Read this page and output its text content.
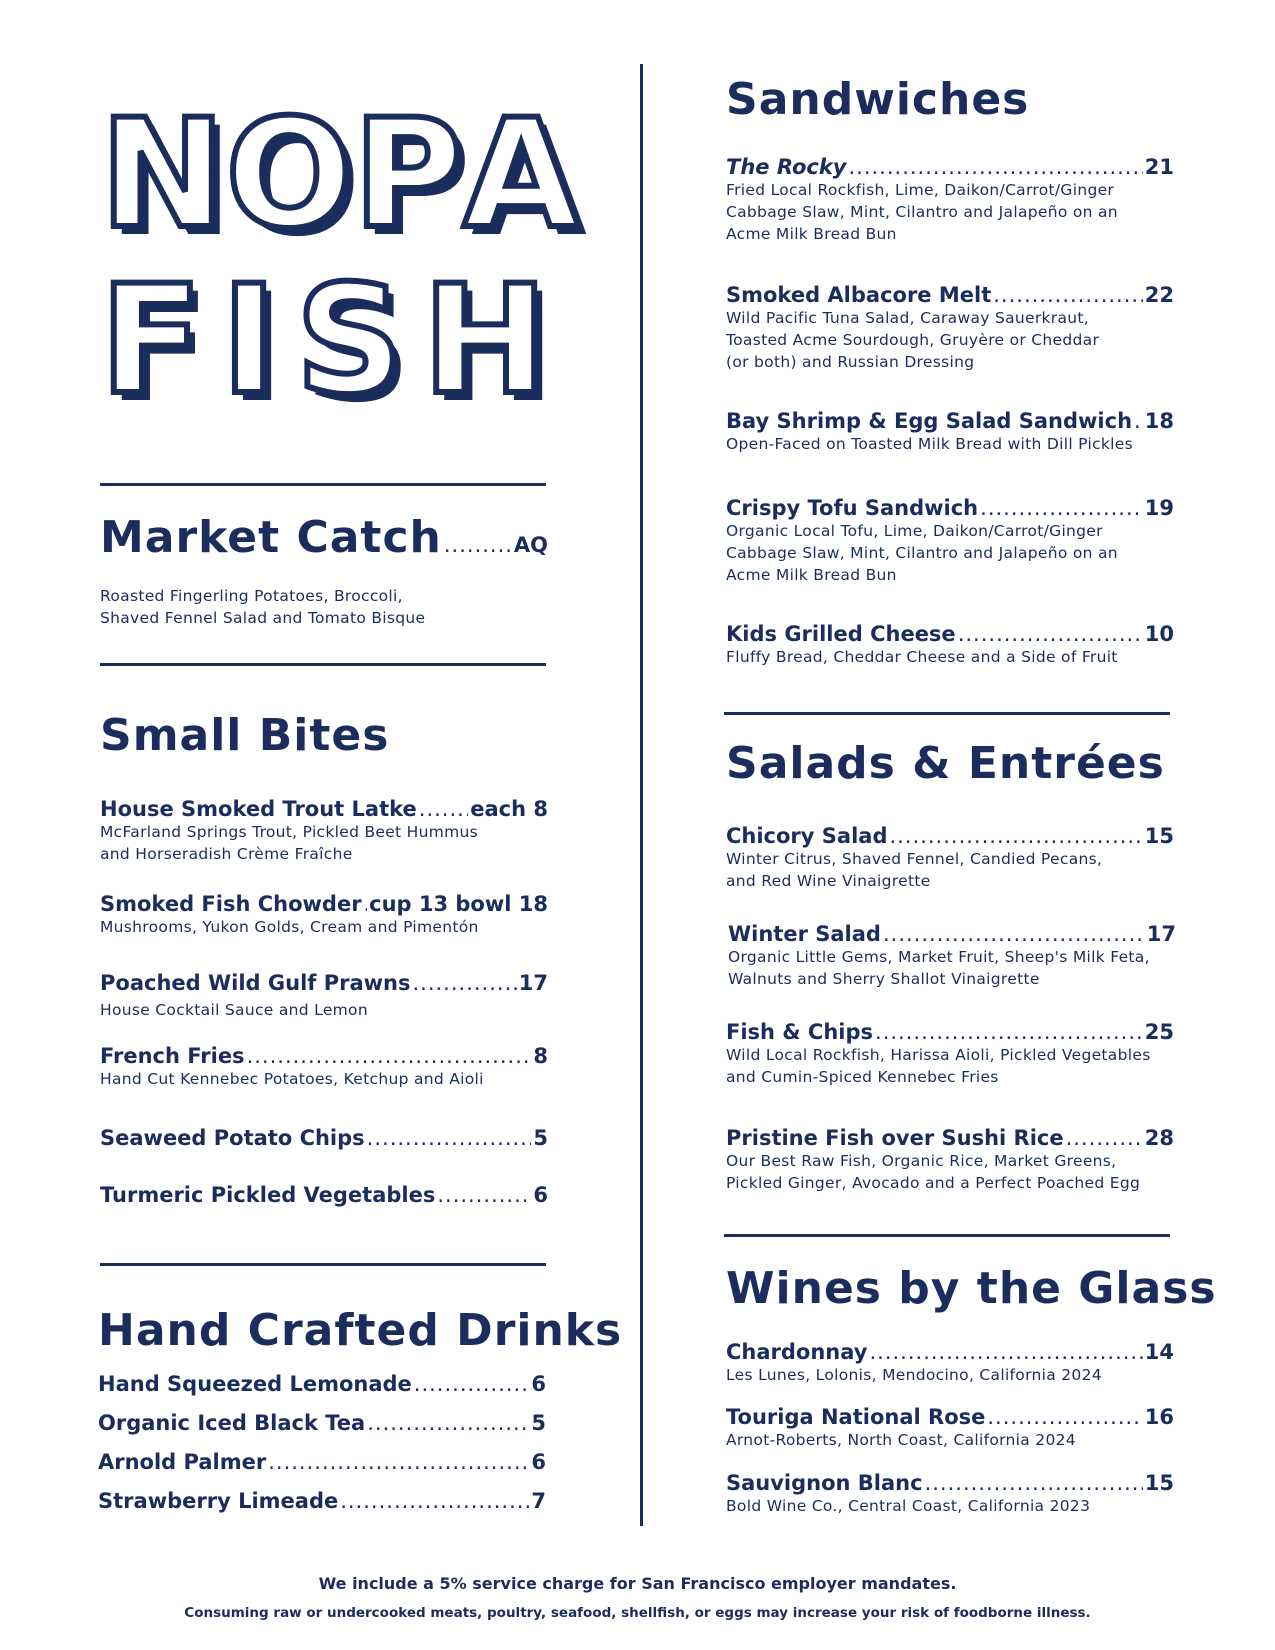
N O P A
F I S H
Market Catch .....	AQ
Roasted Fingerling Potatoes, Broccoli,
Shaved Fennel Salad and Tomato Bisque
Small Bites
House Smoked Trout Latke .....	each 8
McFarland Springs Trout, Pickled Beet Hummus
and Horseradish Crème Fraîche
Smoked Fish Chowder ..... cup 13 bowl 18
Mushrooms, Yukon Golds, Cream and Pimentón
Poached Wild Gulf Prawns .....	17
House Cocktail Sauce and Lemon
French Fries .....	8
Hand Cut Kennebec Potatoes, Ketchup and Aioli
Seaweed Potato Chips .....	5
Turmeric Pickled Vegetables .....	6
Hand Crafted Drinks
Hand Squeezed Lemonade .....	6
Organic Iced Black Tea .....	5
Arnold Palmer .....	6
Strawberry Limeade .....	7
Sandwiches
The Rocky .....	21
Fried Local Rockfish, Lime, Daikon/Carrot/Ginger
Cabbage Slaw, Mint, Cilantro and Jalapeño on an
Acme Milk Bread Bun
Smoked Albacore Melt .....	22
Wild Pacific Tuna Salad, Caraway Sauerkraut,
Toasted Acme Sourdough, Gruyère or Cheddar
(or both) and Russian Dressing
Bay Shrimp & Egg Salad Sandwich ..... 18
Open-Faced on Toasted Milk Bread with Dill Pickles
Crispy Tofu Sandwich .....	19
Organic Local Tofu, Lime, Daikon/Carrot/Ginger
Cabbage Slaw, Mint, Cilantro and Jalapeño on an
Acme Milk Bread Bun
Kids Grilled Cheese .....	10
Fluffy Bread, Cheddar Cheese and a Side of Fruit
Salads & Entrées
Chicory Salad .....	15
Winter Citrus, Shaved Fennel, Candied Pecans,
and Red Wine Vinaigrette
Winter Salad .....	17
Organic Little Gems, Market Fruit, Sheep's Milk Feta,
Walnuts and Sherry Shallot Vinaigrette
Fish & Chips .....	25
Wild Local Rockfish, Harissa Aioli, Pickled Vegetables
and Cumin-Spiced Kennebec Fries
Pristine Fish over Sushi Rice .....	28
Our Best Raw Fish, Organic Rice, Market Greens,
Pickled Ginger, Avocado and a Perfect Poached Egg
Wines by the Glass
Chardonnay .....	14
Les Lunes, Lolonis, Mendocino, California 2024
Touriga National Rose .....	16
Arnot-Roberts, North Coast, California 2024
Sauvignon Blanc .....	15
Bold Wine Co., Central Coast, California 2023
We include a 5% service charge for San Francisco employer mandates.
Consuming raw or undercooked meats, poultry, seafood, shellfish, or eggs may increase your risk of foodborne illness.
